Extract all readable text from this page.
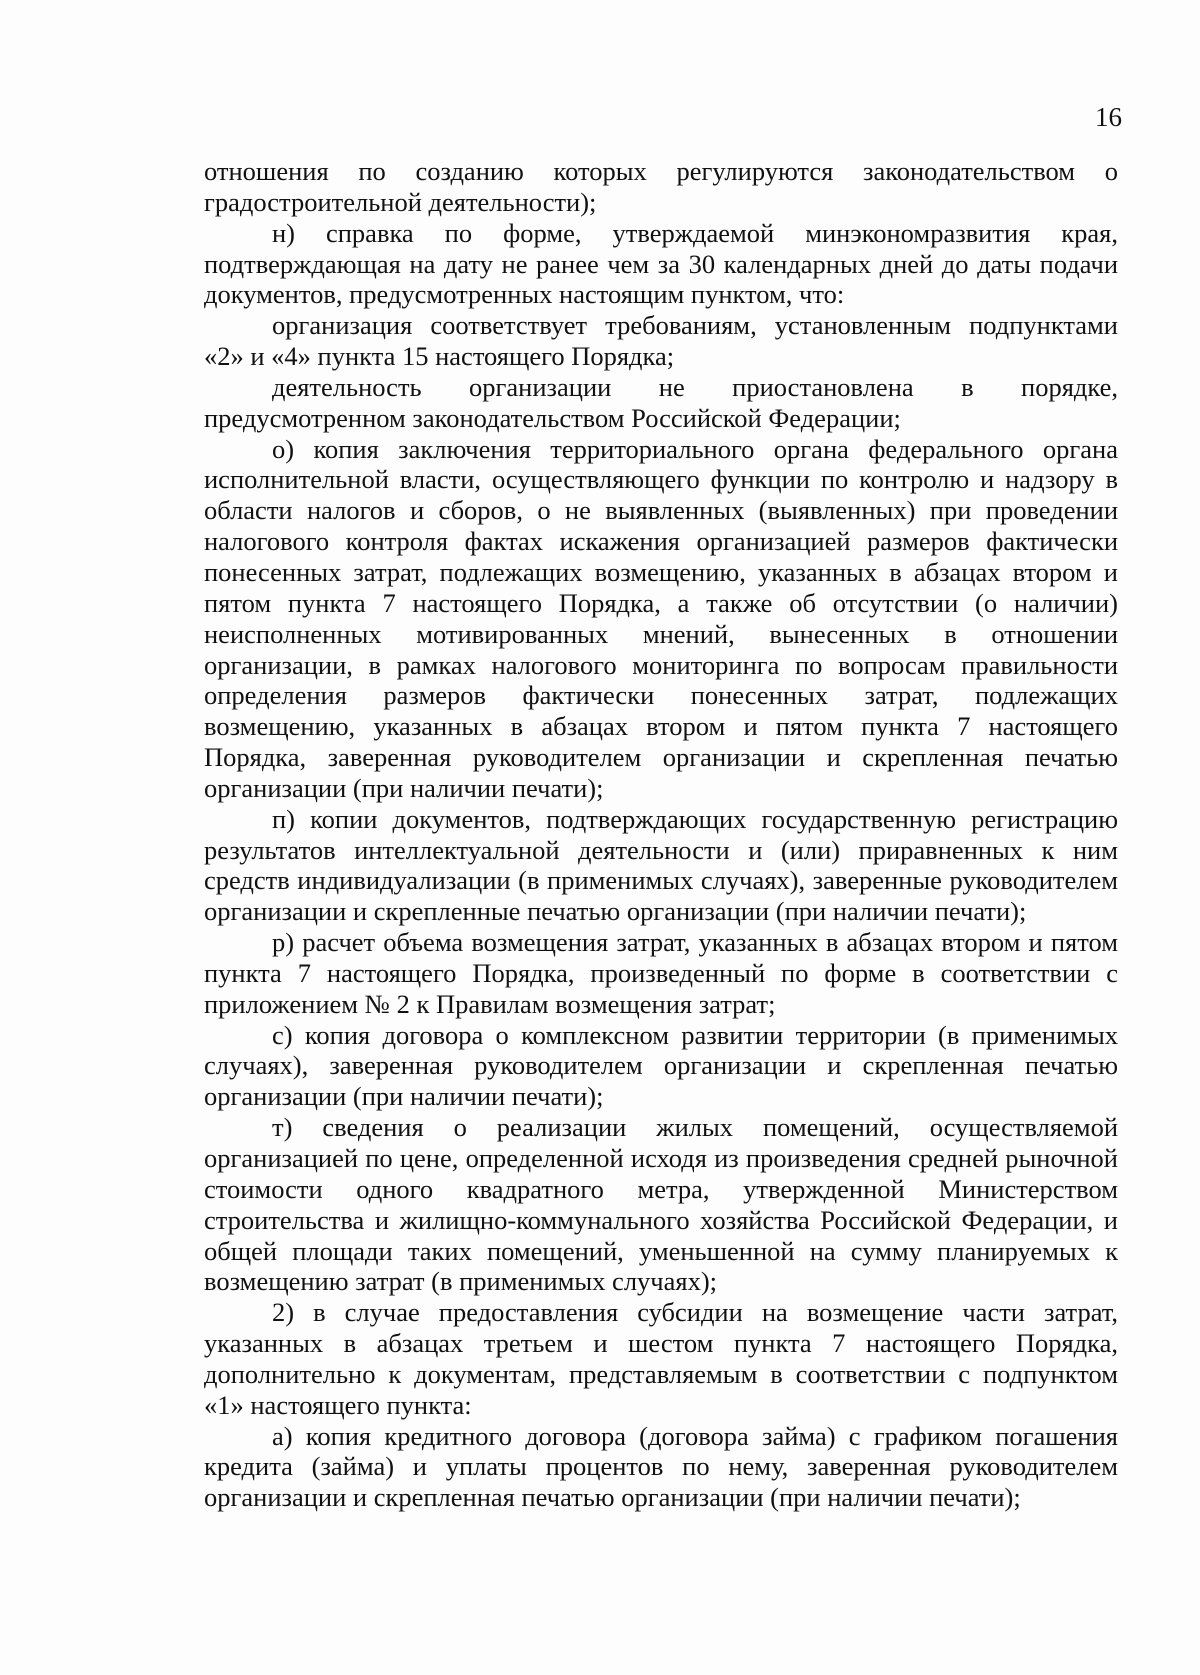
16

отношения по созданию которых регулируются законодательством о градостроительной деятельности);

н) справка по форме, утверждаемой минэкономразвития края, подтверждающая на дату не ранее чем за 30 календарных дней до даты подачи документов, предусмотренных настоящим пунктом, что:

организация соответствует требованиям, установленным подпунктами «2» и «4» пункта 15 настоящего Порядка;

деятельность организации не приостановлена в порядке, предусмотренном законодательством Российской Федерации;

о) копия заключения территориального органа федерального органа исполнительной власти, осуществляющего функции по контролю и надзору в области налогов и сборов, о не выявленных (выявленных) при проведении налогового контроля фактах искажения организацией размеров фактически понесенных затрат, подлежащих возмещению, указанных в абзацах втором и пятом пункта 7 настоящего Порядка, а также об отсутствии (о наличии) неисполненных мотивированных мнений, вынесенных в отношении организации, в рамках налогового мониторинга по вопросам правильности определения размеров фактически понесенных затрат, подлежащих возмещению, указанных в абзацах втором и пятом пункта 7 настоящего Порядка, заверенная руководителем организации и скрепленная печатью организации (при наличии печати);

п) копии документов, подтверждающих государственную регистрацию результатов интеллектуальной деятельности и (или) приравненных к ним средств индивидуализации (в применимых случаях), заверенные руководителем организации и скрепленные печатью организации (при наличии печати);

р) расчет объема возмещения затрат, указанных в абзацах втором и пятом пункта 7 настоящего Порядка, произведенный по форме в соответствии с приложением № 2 к Правилам возмещения затрат;

с) копия договора о комплексном развитии территории (в применимых случаях), заверенная руководителем организации и скрепленная печатью организации (при наличии печати);

т) сведения о реализации жилых помещений, осуществляемой организацией по цене, определенной исходя из произведения средней рыночной стоимости одного квадратного метра, утвержденной Министерством строительства и жилищно-коммунального хозяйства Российской Федерации, и общей площади таких помещений, уменьшенной на сумму планируемых к возмещению затрат (в применимых случаях);

2) в случае предоставления субсидии на возмещение части затрат, указанных в абзацах третьем и шестом пункта 7 настоящего Порядка, дополнительно к документам, представляемым в соответствии с подпунктом «1» настоящего пункта:

а) копия кредитного договора (договора займа) с графиком погашения кредита (займа) и уплаты процентов по нему, заверенная руководителем организации и скрепленная печатью организации (при наличии печати);
